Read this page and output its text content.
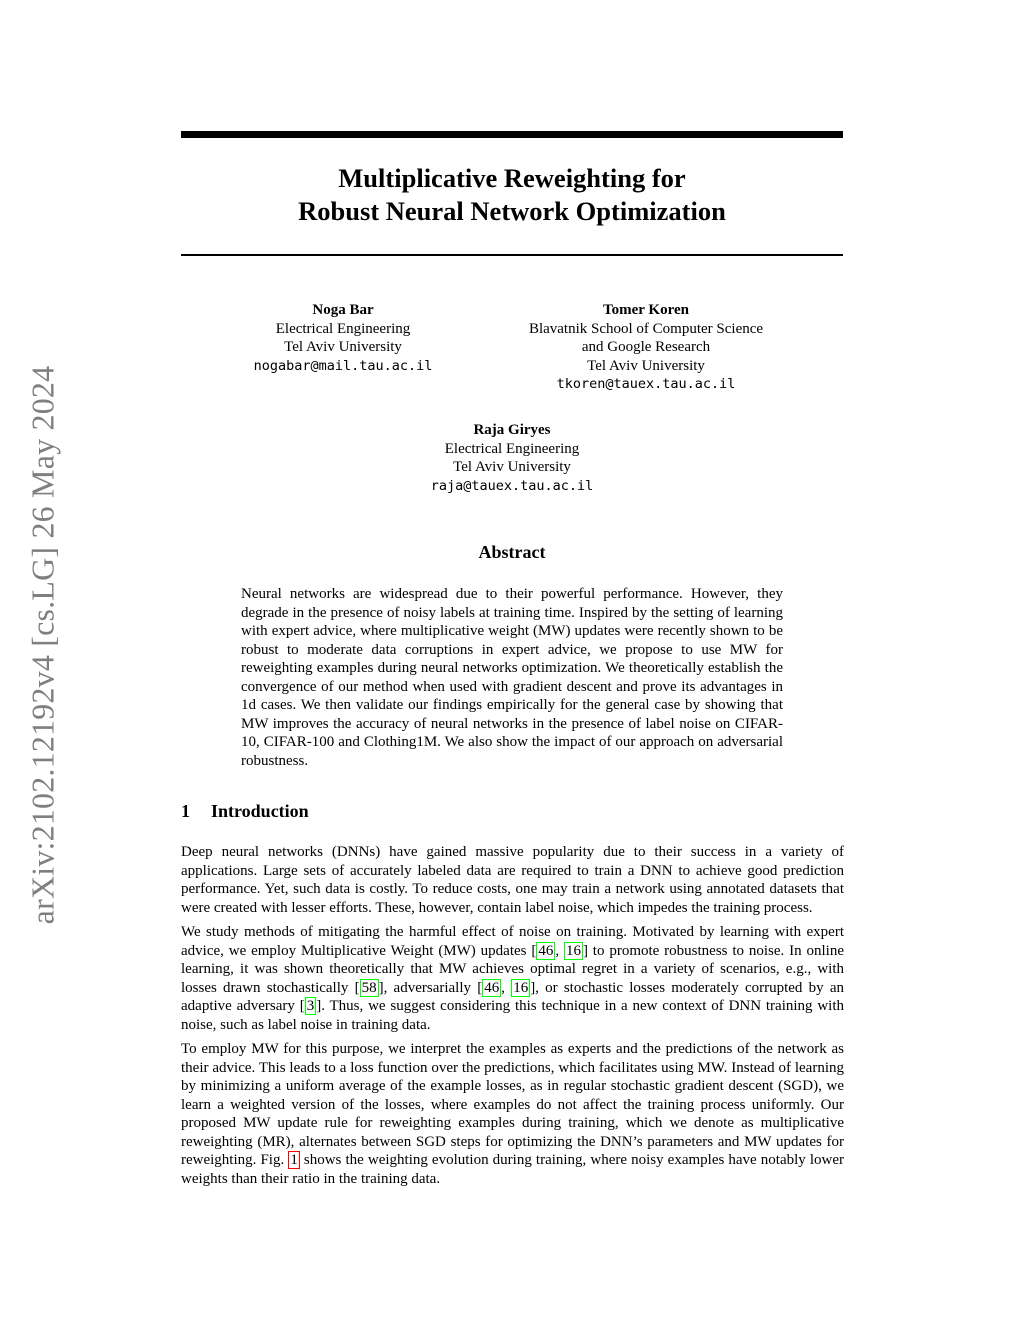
arXiv:2102.12192v4 [cs.LG] 26 May 2024
Multiplicative Reweighting for
Robust Neural Network Optimization
Noga Bar
Electrical Engineering
Tel Aviv University
nogabar@mail.tau.ac.il
Tomer Koren
Blavatnik School of Computer Science
and Google Research
Tel Aviv University
tkoren@tauex.tau.ac.il
Raja Giryes
Electrical Engineering
Tel Aviv University
raja@tauex.tau.ac.il
Abstract
Neural networks are widespread due to their powerful performance. However, they degrade in the presence of noisy labels at training time. Inspired by the setting of learning with expert advice, where multiplicative weight (MW) updates were recently shown to be robust to moderate data corruptions in expert advice, we propose to use MW for reweighting examples during neural networks optimization. We theoretically establish the convergence of our method when used with gradient descent and prove its advantages in 1d cases. We then validate our findings empirically for the general case by showing that MW improves the accuracy of neural networks in the presence of label noise on CIFAR-10, CIFAR-100 and Clothing1M. We also show the impact of our approach on adversarial robustness.
1 Introduction

Deep neural networks (DNNs) have gained massive popularity due to their success in a variety of applications. Large sets of accurately labeled data are required to train a DNN to achieve good prediction performance. Yet, such data is costly. To reduce costs, one may train a network using annotated datasets that were created with lesser efforts. These, however, contain label noise, which impedes the training process.

We study methods of mitigating the harmful effect of noise on training. Motivated by learning with expert advice, we employ Multiplicative Weight (MW) updates [ 46 , 16 ] to promote robustness to noise. In online learning, it was shown theoretically that MW achieves optimal regret in a variety of scenarios, e.g., with losses drawn stochastically [ 58 ], adversarially [ 46 , 16 ], or stochastic losses moderately corrupted by an adaptive adversary [ 3 ]. Thus, we suggest considering this technique in a new context of DNN training with noise, such as label noise in training data.

To employ MW for this purpose, we interpret the examples as experts and the predictions of the network as their advice. This leads to a loss function over the predictions, which facilitates using MW. Instead of learning by minimizing a uniform average of the example losses, as in regular stochastic gradient descent (SGD), we learn a weighted version of the losses, where examples do not affect the training process uniformly. Our proposed MW update rule for reweighting examples during training, which we denote as multiplicative reweighting (MR), alternates between SGD steps for optimizing the DNN’s parameters and MW updates for reweighting. Fig. 1 shows the weighting evolution during training, where noisy examples have notably lower weights than their ratio in the training data.
